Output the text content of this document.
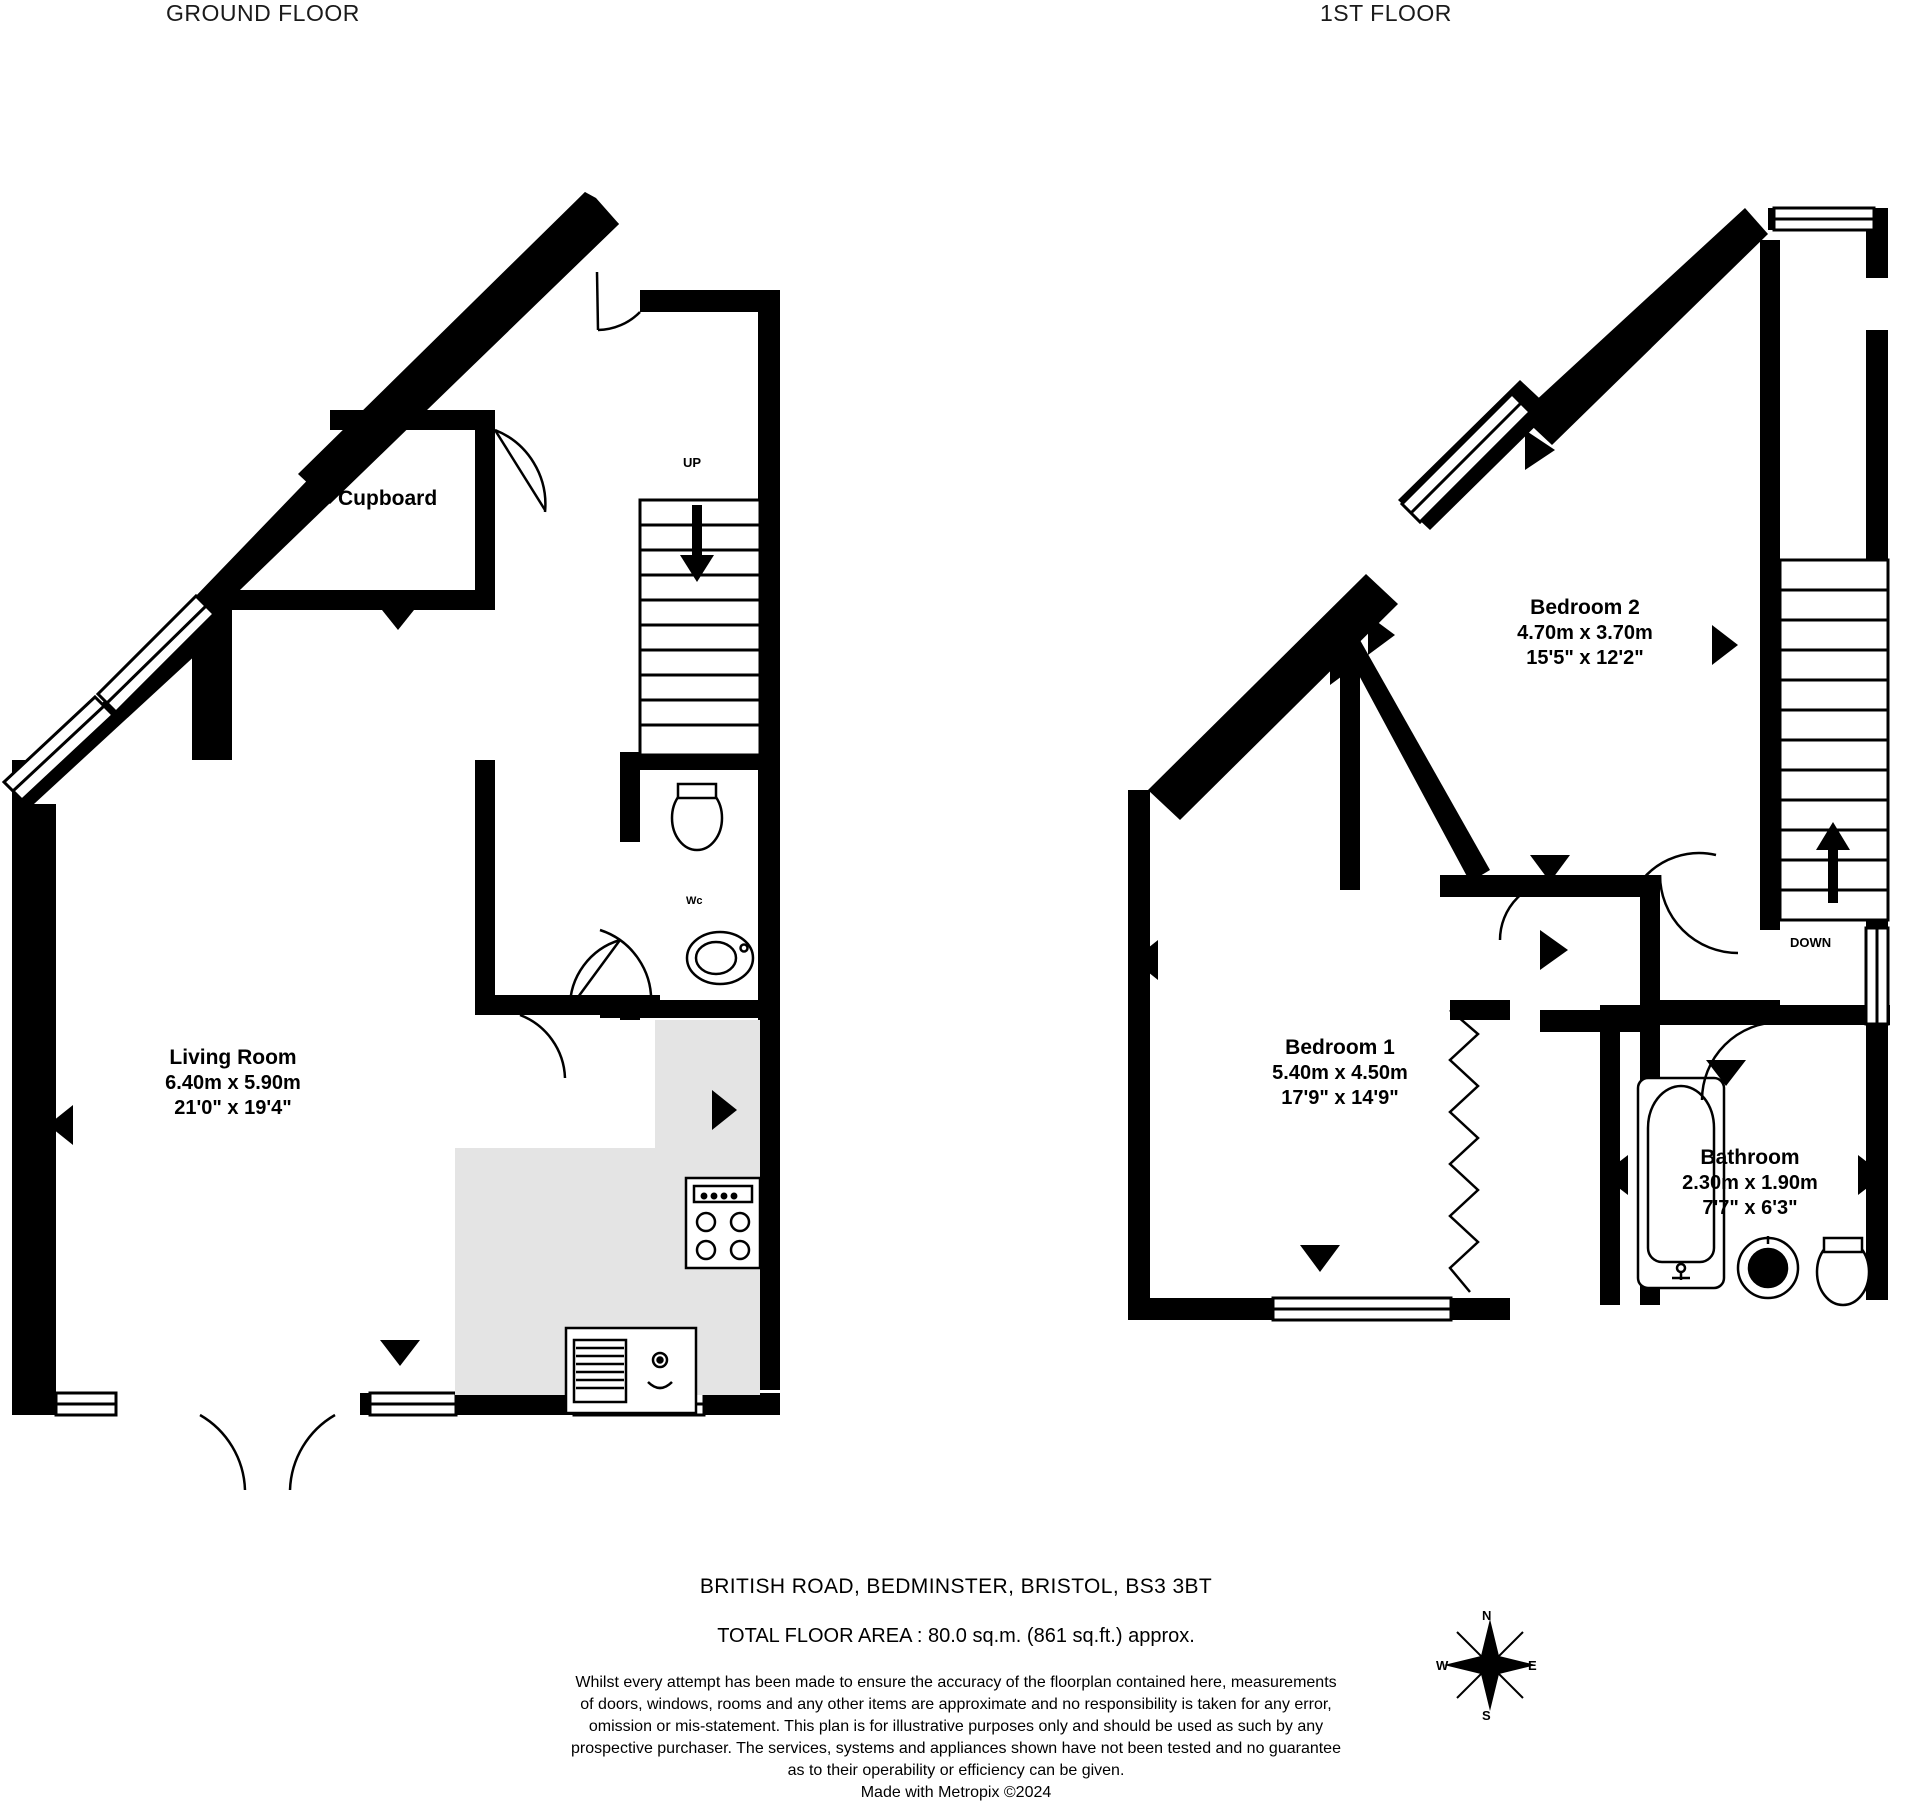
GROUND FLOOR	1ST FLOOR
Cupboard
UP
Wc
Living Room
6.40m x 5.90m
21'0" x 19'4"
Bedroom 2
4.70m x 3.70m
15'5" x 12'2"
Bedroom 1
5.40m x 4.50m
17'9" x 14'9"
Bathroom
2.30m x 1.90m
7'7" x 6'3"
DOWN
N
E
S
W
BRITISH ROAD, BEDMINSTER, BRISTOL, BS3 3BT
TOTAL FLOOR AREA : 80.0 sq.m. (861 sq.ft.) approx.
Whilst every attempt has been made to ensure the accuracy of the floorplan contained here, measurements
of doors, windows, rooms and any other items are approximate and no responsibility is taken for any error,
omission or mis-statement. This plan is for illustrative purposes only and should be used as such by any
prospective purchaser. The services, systems and appliances shown have not been tested and no guarantee
as to their operability or efficiency can be given.
Made with Metropix ©2024
